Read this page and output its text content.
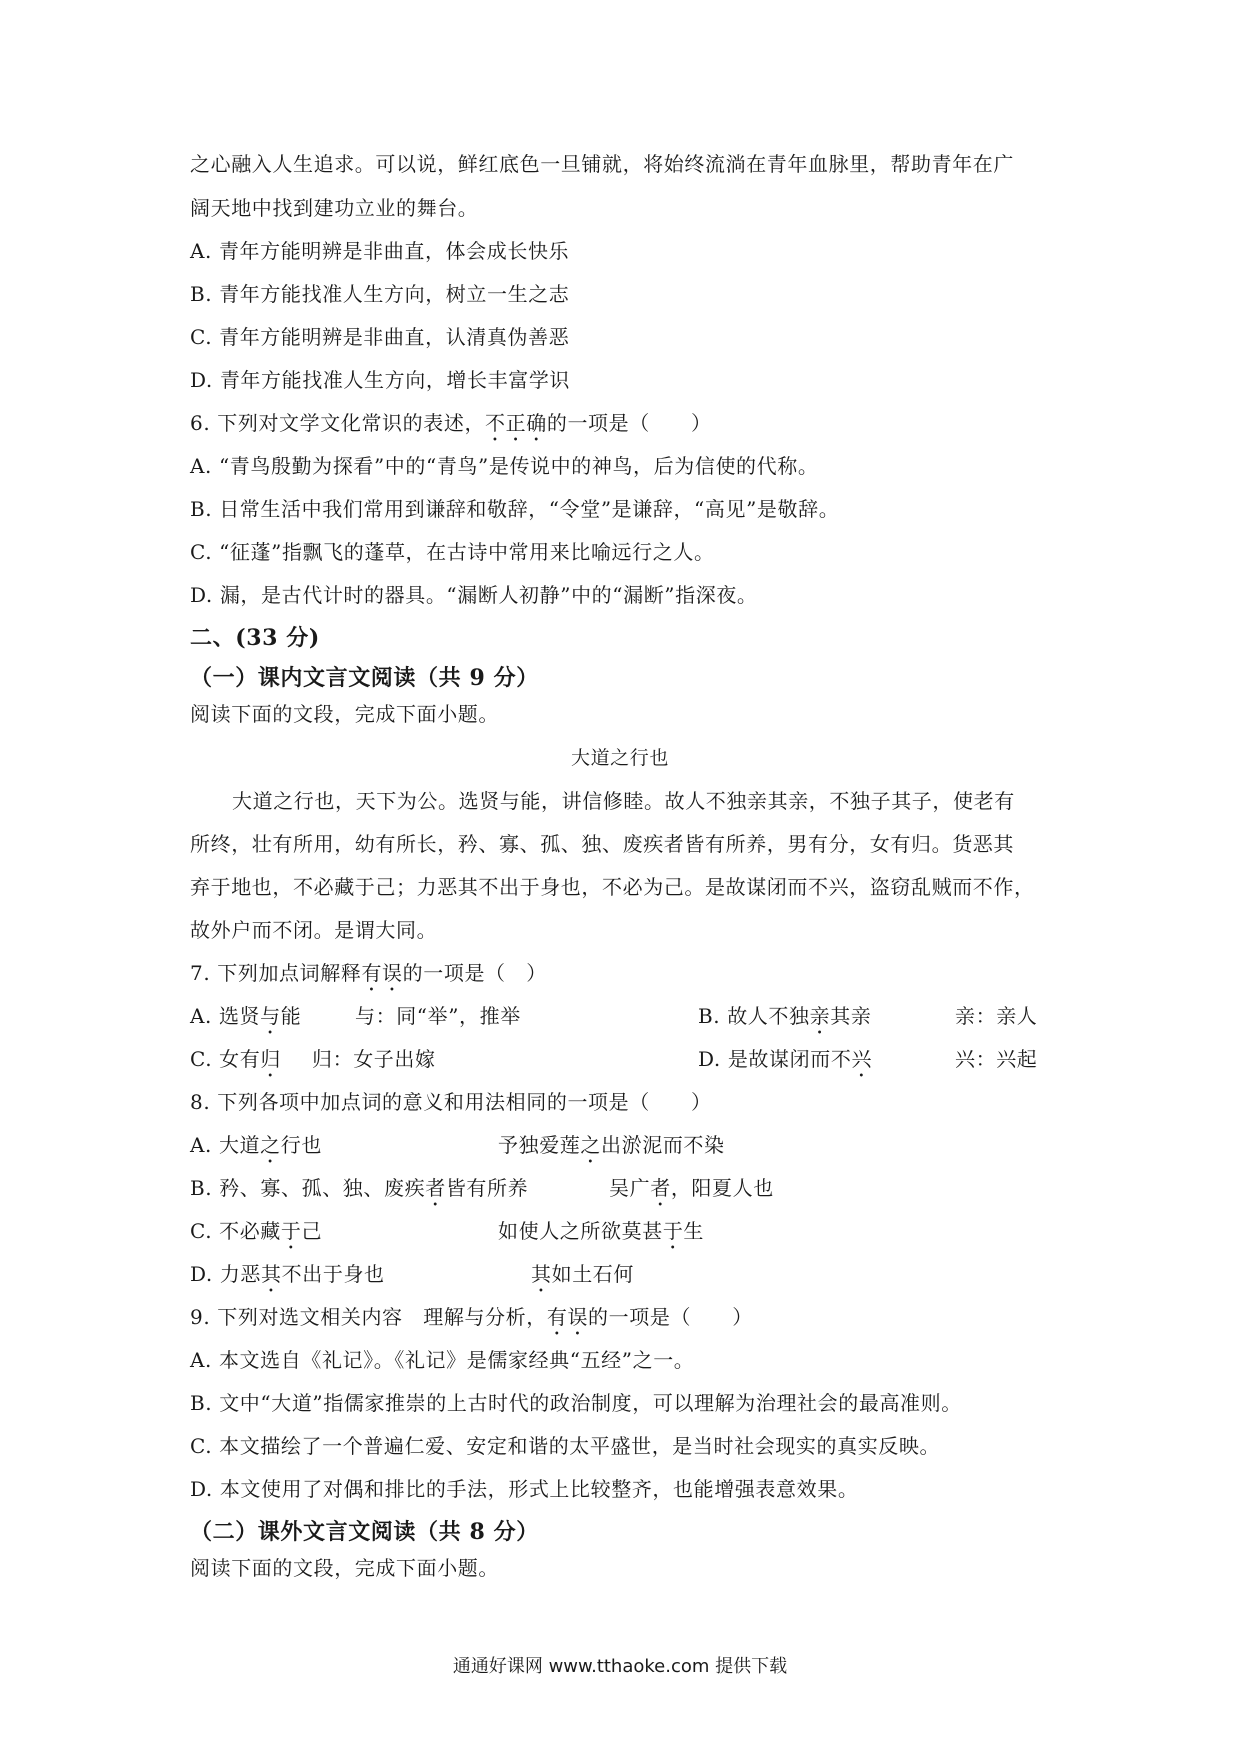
之心融入人生追求。可以说，鲜红底色一旦铺就，将始终流淌在青年血脉里，帮助青年在广
阔天地中找到建功立业的舞台。
A. 青年方能明辨是非曲直，体会成长快乐
B. 青年方能找准人生方向，树立一生之志
C. 青年方能明辨是非曲直，认清真伪善恶
D. 青年方能找准人生方向，增长丰富学识
6. 下列对文学文化常识的表述，不正确的一项是（　　）
A. “青鸟殷勤为探看”中的“青鸟”是传说中的神鸟，后为信使的代称。
B. 日常生活中我们常用到谦辞和敬辞，“令堂”是谦辞，“高见”是敬辞。
C. “征蓬”指飘飞的蓬草，在古诗中常用来比喻远行之人。
D. 漏，是古代计时的器具。“漏断人初静”中的“漏断”指深夜。
二、(33 分)
（一）课内文言文阅读（共 9 分）
阅读下面的文段，完成下面小题。
大道之行也
大道之行也，天下为公。选贤与能，讲信修睦。故人不独亲其亲，不独子其子，使老有
所终，壮有所用，幼有所长，矜、寡、孤、独、废疾者皆有所养，男有分，女有归。货恶其
弃于地也，不必藏于己；力恶其不出于身也，不必为己。是故谋闭而不兴，盗窃乱贼而不作，
故外户而不闭。是谓大同。
7. 下列加点词解释有误的一项是（　）
A. 选贤与能	与：同“举”，推举	B. 故人不独亲其亲	亲：亲人
C. 女有归 归：女子出嫁	D. 是故谋闭而不兴	兴：兴起
8. 下列各项中加点词的意义和用法相同的一项是（　　）
A. 大道之行也	予独爱莲之出淤泥而不染
B. 矜、寡、孤、独、废疾者皆有所养	吴广者，阳夏人也
C. 不必藏于己	如使人之所欲莫甚于生
D. 力恶其不出于身也	其如土石何
9. 下列对选文相关内容　理解与分析，有误的一项是（　　）
A. 本文选自《礼记》。《礼记》是儒家经典“五经”之一。
B. 文中“大道”指儒家推崇的上古时代的政治制度，可以理解为治理社会的最高准则。
C. 本文描绘了一个普遍仁爱、安定和谐的太平盛世，是当时社会现实的真实反映。
D. 本文使用了对偶和排比的手法，形式上比较整齐，也能增强表意效果。
（二）课外文言文阅读（共 8 分）
阅读下面的文段，完成下面小题。
通通好课网 www.tthaoke.com 提供下载
